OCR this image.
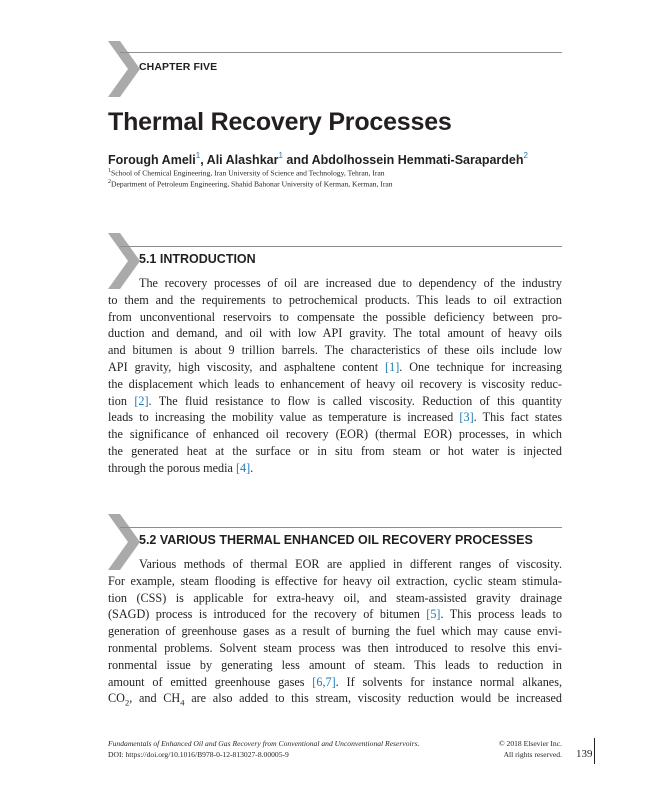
CHAPTER FIVE
Thermal Recovery Processes
Forough Ameli$^1$, Ali Alashkar$^1$ and Abdolhossein Hemmati-Sarapardeh$^2$
$^1$School of Chemical Engineering, Iran University of Science and Technology, Tehran, Iran
$^2$Department of Petroleum Engineering, Shahid Bahonar University of Kerman, Kerman, Iran
5.1 INTRODUCTION
The recovery processes of oil are increased due to dependency of the industry
to them and the requirements to petrochemical products. This leads to oil extraction
from unconventional reservoirs to compensate the possible deficiency between pro-
duction and demand, and oil with low API gravity. The total amount of heavy oils
and bitumen is about 9 trillion barrels. The characteristics of these oils include low
API gravity, high viscosity, and asphaltene content [1]. One technique for increasing
the displacement which leads to enhancement of heavy oil recovery is viscosity reduc-
tion [2]. The fluid resistance to flow is called viscosity. Reduction of this quantity
leads to increasing the mobility value as temperature is increased [3]. This fact states
the significance of enhanced oil recovery (EOR) (thermal EOR) processes, in which
the generated heat at the surface or in situ from steam or hot water is injected
through the porous media [4].
5.2 VARIOUS THERMAL ENHANCED OIL RECOVERY PROCESSES
Various methods of thermal EOR are applied in different ranges of viscosity.
For example, steam flooding is effective for heavy oil extraction, cyclic steam stimula-
tion (CSS) is applicable for extra-heavy oil, and steam-assisted gravity drainage
(SAGD) process is introduced for the recovery of bitumen [5]. This process leads to
generation of greenhouse gases as a result of burning the fuel which may cause envi-
ronmental problems. Solvent steam process was then introduced to resolve this envi-
ronmental issue by generating less amount of steam. This leads to reduction in
amount of emitted greenhouse gases [6,7]. If solvents for instance normal alkanes,
$CO_2$, and $CH_4$ are also added to this stream, viscosity reduction would be increased
Fundamentals of Enhanced Oil and Gas Recovery from Conventional and Unconventional Reservoirs.
DOI: https://doi.org/10.1016/B978-0-12-813027-8.00005-9
© 2018 Elsevier Inc.
All rights reserved. 139
